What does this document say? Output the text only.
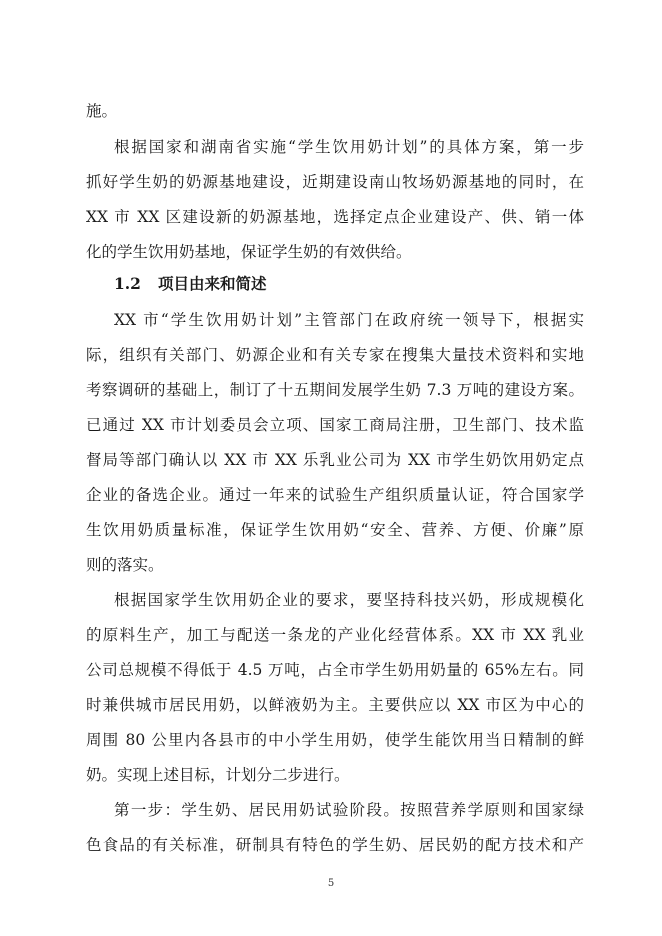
施。
根据国家和湖南省实施“学生饮用奶计划”的具体方案，第一步
抓好学生奶的奶源基地建设，近期建设南山牧场奶源基地的同时，在
XX 市 XX 区建设新的奶源基地，选择定点企业建设产、供、销一体
化的学生饮用奶基地，保证学生奶的有效供给。
1.2 项目由来和简述
XX 市“学生饮用奶计划”主管部门在政府统一领导下，根据实
际，组织有关部门、奶源企业和有关专家在搜集大量技术资料和实地
考察调研的基础上，制订了十五期间发展学生奶 7.3 万吨的建设方案。
已通过 XX 市计划委员会立项、国家工商局注册，卫生部门、技术监
督局等部门确认以 XX 市 XX 乐乳业公司为 XX 市学生奶饮用奶定点
企业的备选企业。通过一年来的试验生产组织质量认证，符合国家学
生饮用奶质量标准，保证学生饮用奶“安全、营养、方便、价廉”原
则的落实。
根据国家学生饮用奶企业的要求，要坚持科技兴奶，形成规模化
的原料生产，加工与配送一条龙的产业化经营体系。XX 市 XX 乳业
公司总规模不得低于 4.5 万吨，占全市学生奶用奶量的 65%左右。同
时兼供城市居民用奶，以鲜液奶为主。主要供应以 XX 市区为中心的
周围 80 公里内各县市的中小学生用奶，使学生能饮用当日精制的鲜
奶。实现上述目标，计划分二步进行。
第一步：学生奶、居民用奶试验阶段。按照营养学原则和国家绿
色食品的有关标准，研制具有特色的学生奶、居民奶的配方技术和产
5
